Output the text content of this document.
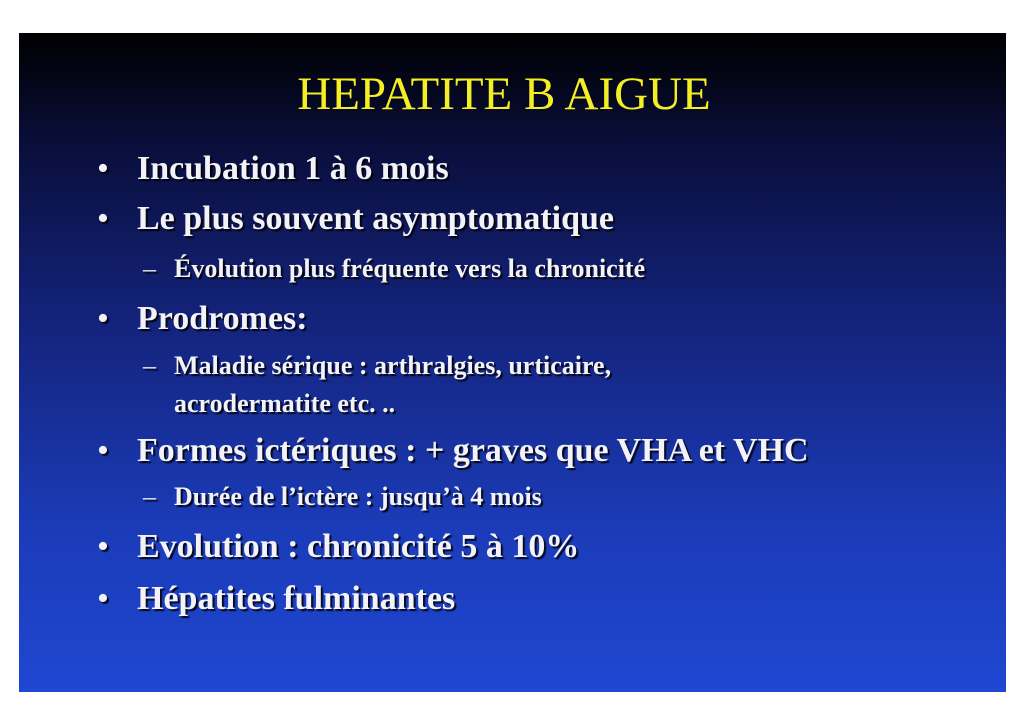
HEPATITE B AIGUE
• Incubation 1 à 6 mois
• Le plus souvent asymptomatique
– Évolution plus fréquente vers la chronicité
• Prodromes:
– Maladie sérique : arthralgies, urticaire,
acrodermatite etc. ..
• Formes ictériques : + graves que VHA et VHC
– Durée de l’ictère : jusqu’à 4 mois
• Evolution : chronicité 5 à 10%
• Hépatites fulminantes
